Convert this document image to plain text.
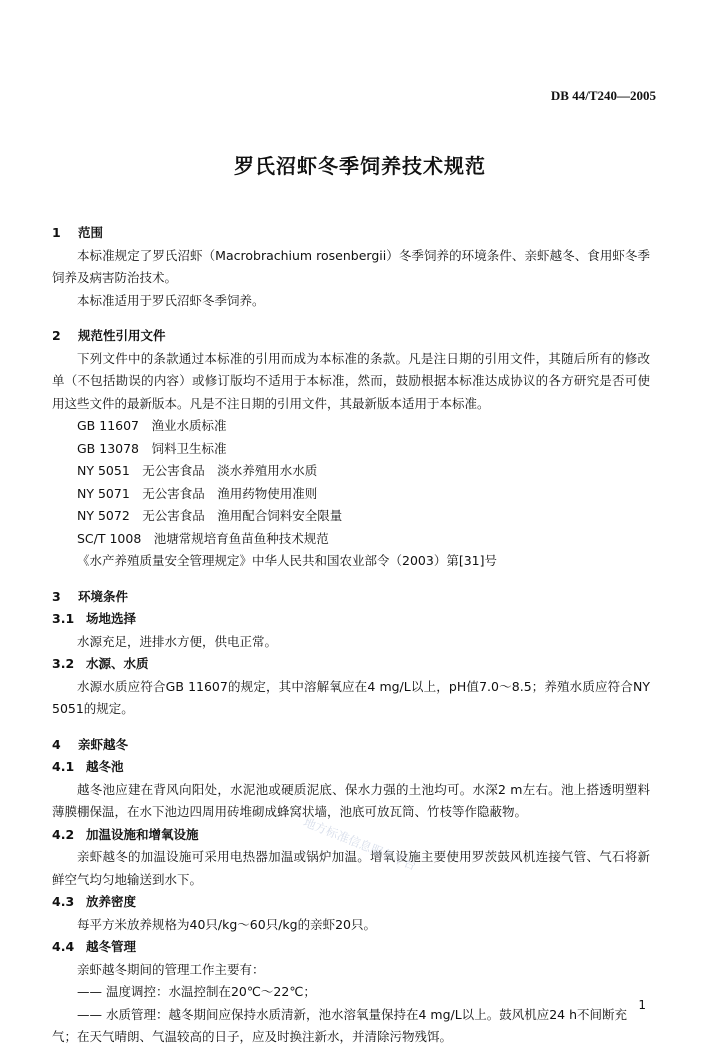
DB 44/T240—2005
罗氏沼虾冬季饲养技术规范
1 范围
本标准规定了罗氏沼虾（Macrobrachium rosenbergii）冬季饲养的环境条件、亲虾越冬、食用虾冬季饲养及病害防治技术。
本标准适用于罗氏沼虾冬季饲养。
2 规范性引用文件
下列文件中的条款通过本标准的引用而成为本标准的条款。凡是注日期的引用文件，其随后所有的修改单（不包括勘误的内容）或修订版均不适用于本标准，然而，鼓励根据本标准达成协议的各方研究是否可使用这些文件的最新版本。凡是不注日期的引用文件，其最新版本适用于本标准。
GB 11607　渔业水质标准
GB 13078　饲料卫生标准
NY 5051　无公害食品　淡水养殖用水水质
NY 5071　无公害食品　渔用药物使用准则
NY 5072　无公害食品　渔用配合饲料安全限量
SC/T 1008　池塘常规培育鱼苗鱼种技术规范
《水产养殖质量安全管理规定》中华人民共和国农业部令（2003）第[31]号
3 环境条件
3.1 场地选择
水源充足，进排水方便，供电正常。
3.2 水源、水质
水源水质应符合GB 11607的规定，其中溶解氧应在4 mg/L以上，pH值7.0～8.5；养殖水质应符合NY 5051的规定。
4 亲虾越冬
4.1 越冬池
越冬池应建在背风向阳处，水泥池或硬质泥底、保水力强的土池均可。水深2 m左右。池上搭透明塑料薄膜棚保温，在水下池边四周用砖堆砌成蜂窝状墙，池底可放瓦筒、竹枝等作隐蔽物。
4.2 加温设施和增氧设施
亲虾越冬的加温设施可采用电热器加温或锅炉加温。增氧设施主要使用罗茨鼓风机连接气管、气石将新鲜空气均匀地输送到水下。
4.3 放养密度
每平方米放养规格为40只/kg～60只/kg的亲虾20只。
4.4 越冬管理
亲虾越冬期间的管理工作主要有：
—— 温度调控：水温控制在20℃～22℃；
—— 水质管理：越冬期间应保持水质清新，池水溶氧量保持在4 mg/L以上。鼓风机应24 h不间断充气；在天气晴朗、气温较高的日子，应及时换注新水，并清除污物残饵。
地方标准信息服务平台
1
